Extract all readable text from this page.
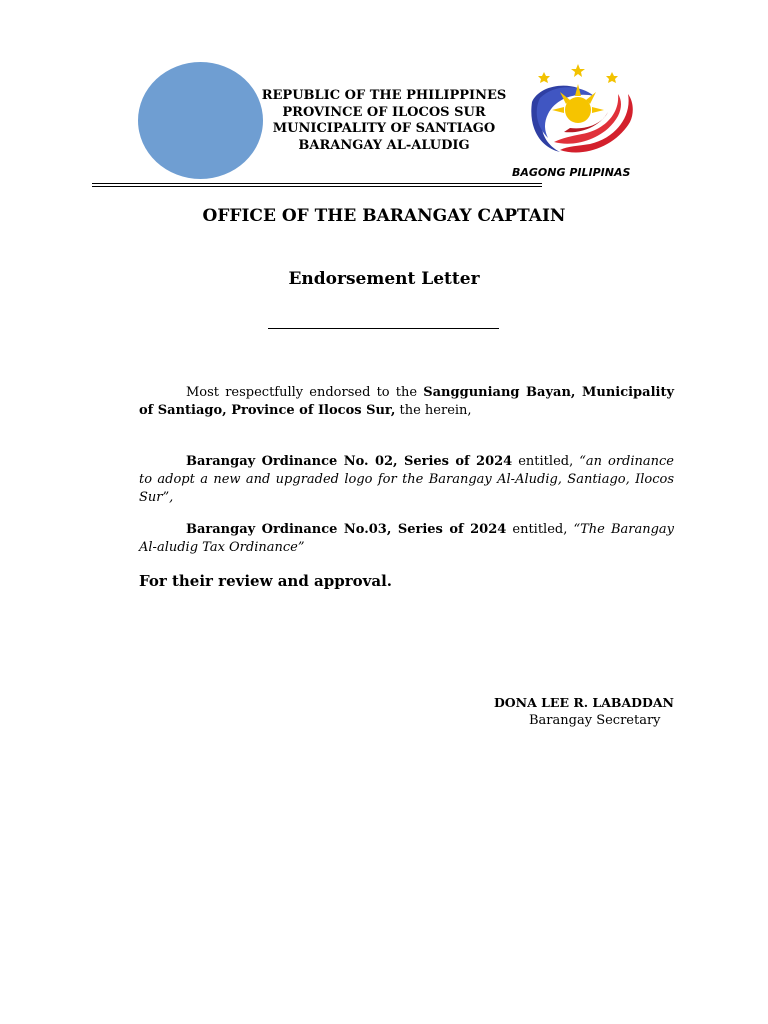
REPUBLIC OF THE PHILIPPINES
PROVINCE OF ILOCOS SUR
MUNICIPALITY OF SANTIAGO
BARANGAY AL-ALUDIG
BAGONG PILIPINAS
OFFICE OF THE BARANGAY CAPTAIN
Endorsement Letter
Most respectfully endorsed to the Sangguniang Bayan, Municipality of Santiago, Province of Ilocos Sur, the herein,
Barangay Ordinance No. 02, Series of 2024 entitled, “an ordinance to adopt a new and upgraded logo for the Barangay Al-Aludig, Santiago, Ilocos Sur”,
Barangay Ordinance No.03, Series of 2024 entitled, “The Barangay Al-aludig Tax Ordinance”
For their review and approval.
DONA LEE R. LABADDAN
Barangay Secretary
